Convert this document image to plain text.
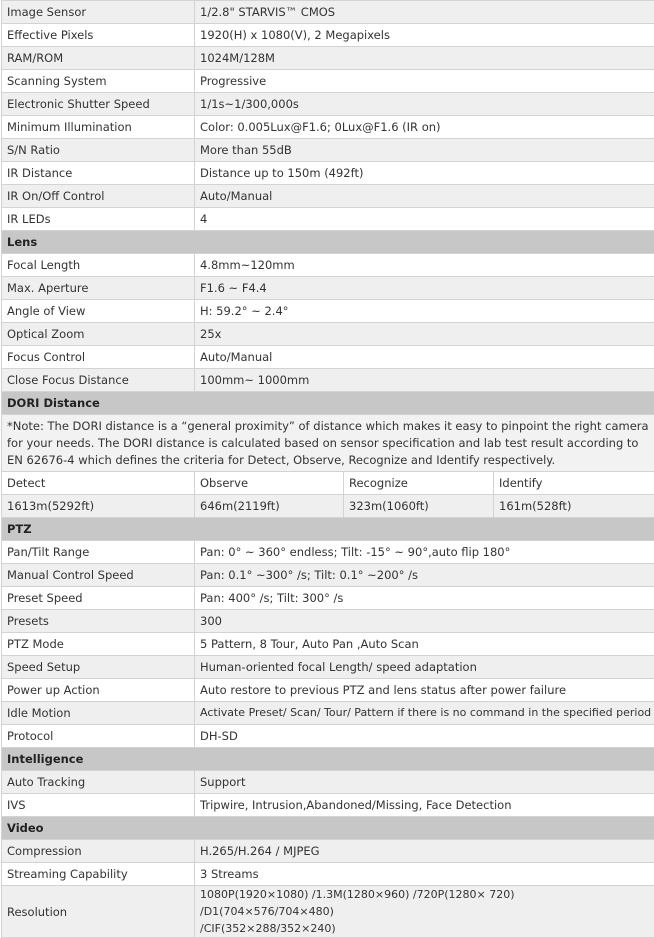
Image Sensor	1/2.8" STARVIS™ CMOS		
Effective Pixels	1920(H) x 1080(V), 2 Megapixels		
RAM/ROM	1024M/128M		
Scanning System	Progressive		
Electronic Shutter Speed	1/1s~1/300,000s		
Minimum Illumination	Color: 0.005Lux@F1.6; 0Lux@F1.6 (IR on)		
S/N Ratio	More than 55dB		
IR Distance	Distance up to 150m (492ft)		
IR On/Off Control	Auto/Manual		
IR LEDs	4		
Lens			
Focal Length	4.8mm~120mm		
Max. Aperture	F1.6 ~ F4.4		
Angle of View	H: 59.2° ~ 2.4°		
Optical Zoom	25x		
Focus Control	Auto/Manual		
Close Focus Distance	100mm~ 1000mm		
DORI Distance			
*Note: The DORI distance is a “general proximity” of distance which makes it easy to pinpoint the right camera for your needs. The DORI distance is calculated based on sensor specification and lab test result according to EN 62676-4 which defines the criteria for Detect, Observe, Recognize and Identify respectively.			
Detect	Observe	Recognize	Identify
1613m(5292ft)	646m(2119ft)	323m(1060ft)	161m(528ft)
PTZ			
Pan/Tilt Range	Pan: 0° ~ 360° endless; Tilt: -15° ~ 90°,auto flip 180°		
Manual Control Speed	Pan: 0.1° ~300° /s; Tilt: 0.1° ~200° /s		
Preset Speed	Pan: 400° /s; Tilt: 300° /s		
Presets	300		
PTZ Mode	5 Pattern, 8 Tour, Auto Pan ,Auto Scan		
Speed Setup	Human-oriented focal Length/ speed adaptation		
Power up Action	Auto restore to previous PTZ and lens status after power failure		
Idle Motion	Activate Preset/ Scan/ Tour/ Pattern if there is no command in the specified period		
Protocol	DH-SD		
Intelligence			
Auto Tracking	Support		
IVS	Tripwire, Intrusion,Abandoned/Missing, Face Detection		
Video			
Compression	H.265/H.264 / MJPEG		
Streaming Capability	3 Streams		
Resolution	1080P(1920×1080) /1.3M(1280×960) /720P(1280× 720) /D1(704×576/704×480)
/CIF(352×288/352×240)		
